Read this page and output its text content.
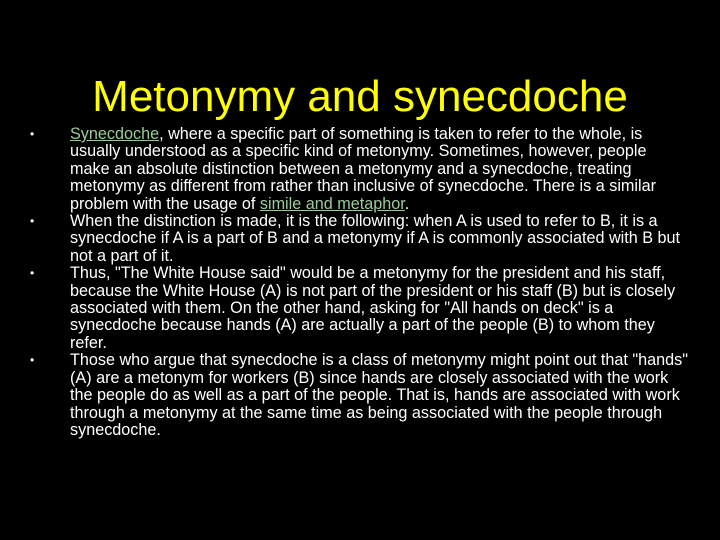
Metonymy and synecdoche
•	Synecdoche, where a specific part of something is taken to refer to the whole, is usually understood as a specific kind of metonymy. Sometimes, however, people make an absolute distinction between a metonymy and a synecdoche, treating metonymy as different from rather than inclusive of synecdoche. There is a similar problem with the usage of simile and metaphor.
•	When the distinction is made, it is the following: when A is used to refer to B, it is a synecdoche if A is a part of B and a metonymy if A is commonly associated with B but not a part of it.
•	Thus, "The White House said" would be a metonymy for the president and his staff, because the White House (A) is not part of the president or his staff (B) but is closely associated with them. On the other hand, asking for "All hands on deck" is a synecdoche because hands (A) are actually a part of the people (B) to whom they refer.
•	Those who argue that synecdoche is a class of metonymy might point out that "hands" (A) are a metonym for workers (B) since hands are closely associated with the work the people do as well as a part of the people. That is, hands are associated with work through a metonymy at the same time as being associated with the people through synecdoche.
